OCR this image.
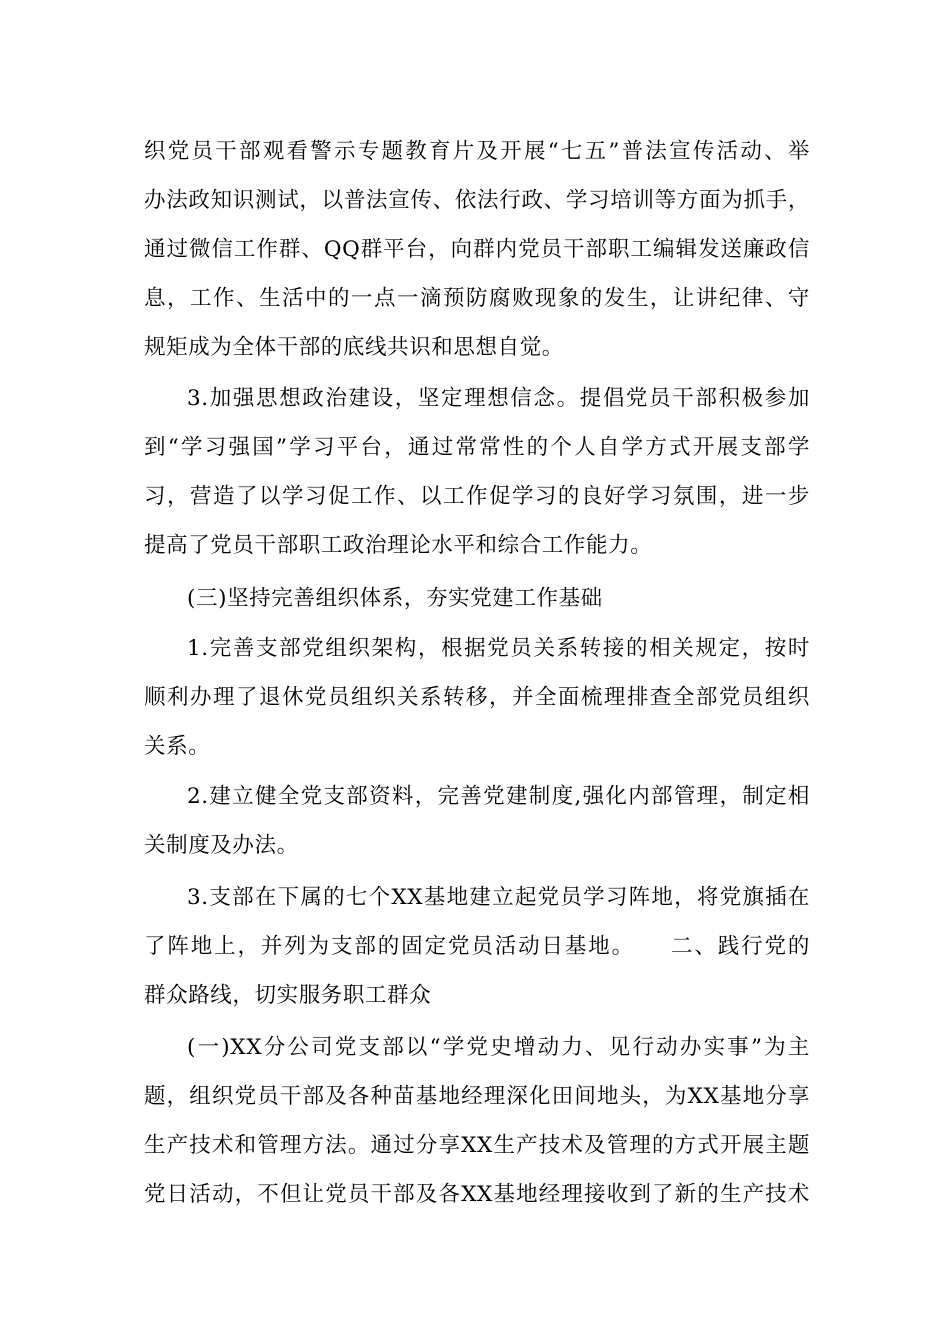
织党员干部观看警示专题教育片及开展“七五”普法宣传活动、举
办法政知识测试，以普法宣传、依法行政、学习培训等方面为抓手，
通过微信工作群、QQ群平台，向群内党员干部职工编辑发送廉政信
息，工作、生活中的一点一滴预防腐败现象的发生，让讲纪律、守
规矩成为全体干部的底线共识和思想自觉。
3.加强思想政治建设，坚定理想信念。提倡党员干部积极参加
到“学习强国”学习平台，通过常常性的个人自学方式开展支部学
习，营造了以学习促工作、以工作促学习的良好学习氛围，进一步
提高了党员干部职工政治理论水平和综合工作能力。
(三)坚持完善组织体系，夯实党建工作基础
1.完善支部党组织架构，根据党员关系转接的相关规定，按时
顺利办理了退休党员组织关系转移，并全面梳理排查全部党员组织
关系。
2.建立健全党支部资料，完善党建制度,强化内部管理，制定相
关制度及办法。
3.支部在下属的七个XX基地建立起党员学习阵地，将党旗插在
了阵地上，并列为支部的固定党员活动日基地。　　二、践行党的
群众路线，切实服务职工群众
(一)XX分公司党支部以“学党史增动力、见行动办实事”为主
题，组织党员干部及各种苗基地经理深化田间地头，为XX基地分享
生产技术和管理方法。通过分享XX生产技术及管理的方式开展主题
党日活动，不但让党员干部及各XX基地经理接收到了新的生产技术
